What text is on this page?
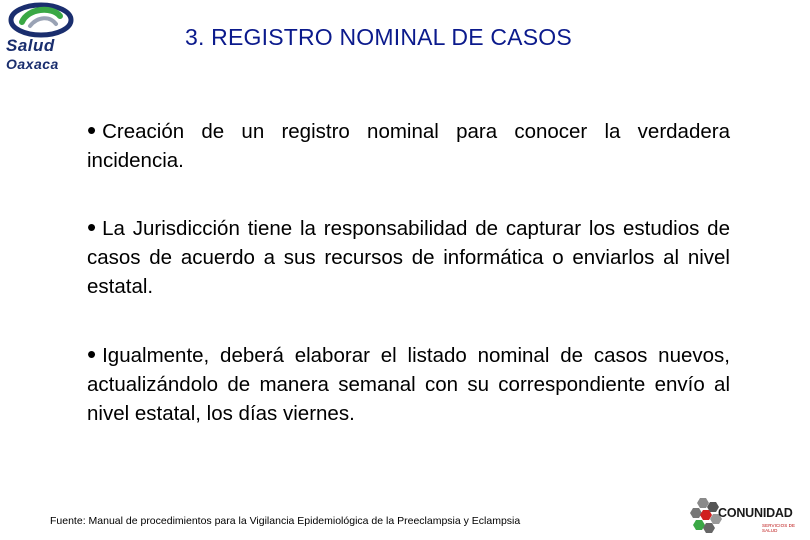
Salud
Oaxaca
3. REGISTRO NOMINAL DE CASOS
• Creación de un registro nominal para conocer la verdadera incidencia.
• La Jurisdicción tiene la responsabilidad de capturar los estudios de casos de acuerdo a sus recursos de informática o enviarlos al nivel estatal.
• Igualmente, deberá elaborar el listado nominal de casos nuevos, actualizándolo de manera semanal con su correspondiente envío al nivel estatal, los días viernes.
Fuente: Manual de procedimientos para la Vigilancia Epidemiológica de la Preeclampsia y Eclampsia
CONUNIDAD
SERVICIOS DE SALUD
